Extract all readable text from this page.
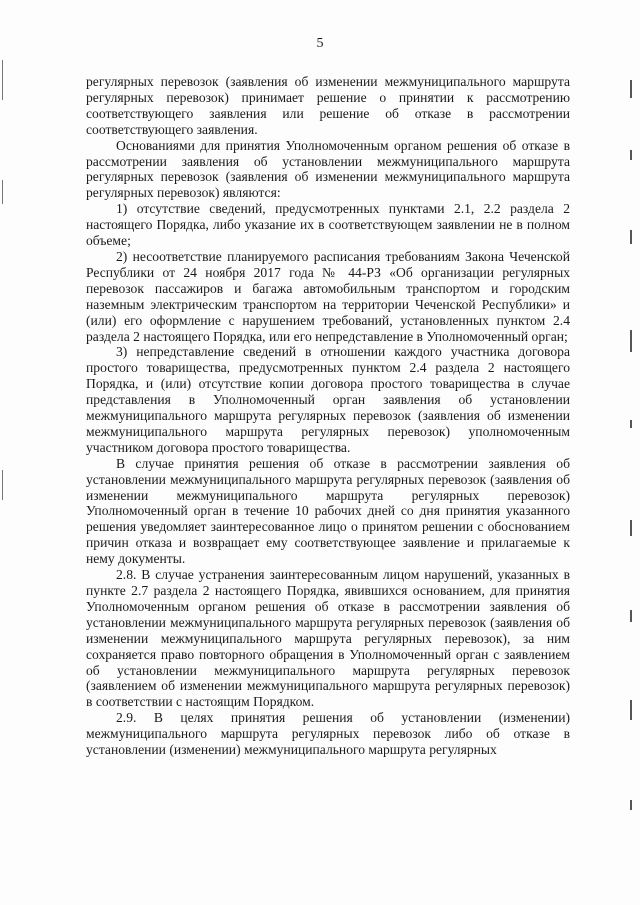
5

регулярных перевозок (заявления об изменении межмуниципального маршрута регулярных перевозок) принимает решение о принятии к рассмотрению соответствующего заявления или решение об отказе в рассмотрении соответствующего заявления.

Основаниями для принятия Уполномоченным органом решения об отказе в рассмотрении заявления об установлении межмуниципального маршрута регулярных перевозок (заявления об изменении межмуниципального маршрута регулярных перевозок) являются:

1) отсутствие сведений, предусмотренных пунктами 2.1, 2.2 раздела 2 настоящего Порядка, либо указание их в соответствующем заявлении не в полном объеме;

2) несоответствие планируемого расписания требованиям Закона Чеченской Республики от 24 ноября 2017 года № 44-РЗ «Об организации регулярных перевозок пассажиров и багажа автомобильным транспортом и городским наземным электрическим транспортом на территории Чеченской Республики» и (или) его оформление с нарушением требований, установленных пунктом 2.4 раздела 2 настоящего Порядка, или его непредставление в Уполномоченный орган;

3) непредставление сведений в отношении каждого участника договора простого товарищества, предусмотренных пунктом 2.4 раздела 2 настоящего Порядка, и (или) отсутствие копии договора простого товарищества в случае представления в Уполномоченный орган заявления об установлении межмуниципального маршрута регулярных перевозок (заявления об изменении межмуниципального маршрута регулярных перевозок) уполномоченным участником договора простого товарищества.

В случае принятия решения об отказе в рассмотрении заявления об установлении межмуниципального маршрута регулярных перевозок (заявления об изменении межмуниципального маршрута регулярных перевозок) Уполномоченный орган в течение 10 рабочих дней со дня принятия указанного решения уведомляет заинтересованное лицо о принятом решении с обоснованием причин отказа и возвращает ему соответствующее заявление и прилагаемые к нему документы.

2.8. В случае устранения заинтересованным лицом нарушений, указанных в пункте 2.7 раздела 2 настоящего Порядка, явившихся основанием, для принятия Уполномоченным органом решения об отказе в рассмотрении заявления об установлении межмуниципального маршрута регулярных перевозок (заявления об изменении межмуниципального маршрута регулярных перевозок), за ним сохраняется право повторного обращения в Уполномоченный орган с заявлением об установлении межмуниципального маршрута регулярных перевозок (заявлением об изменении межмуниципального маршрута регулярных перевозок) в соответствии с настоящим Порядком.

2.9. В целях принятия решения об установлении (изменении) межмуниципального маршрута регулярных перевозок либо об отказе в установлении (изменении) межмуниципального маршрута регулярных
